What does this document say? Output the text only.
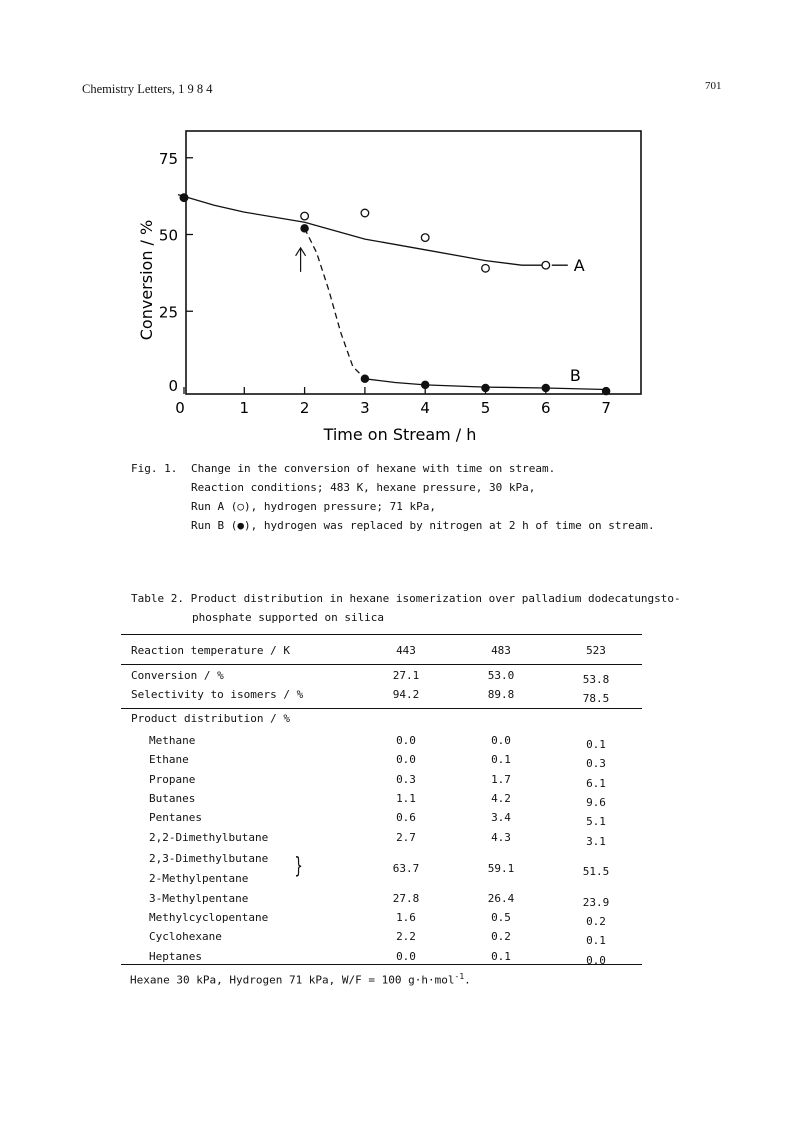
Chemistry Letters, 1 9 8 4	701
0	1	2	3	4	5	6	7
0
25
50
75
Time on Stream / h
Conversion / %	A
B
Fig. 1.	Change in the conversion of hexane with time on stream.
Reaction conditions; 483 K, hexane pressure, 30 kPa,
Run A (○), hydrogen pressure; 71 kPa,
Run B (●), hydrogen was replaced by nitrogen at 2 h of time on stream.
Table 2. Product distribution in hexane isomerization over palladium dodecatungsto-
phosphate supported on silica
Reaction temperature / K	443	483	523
Conversion / %	27.1	53.0	53.8
Selectivity to isomers / %	94.2	89.8	78.5
Product distribution / %
Methane	0.0	0.0	0.1
Ethane	0.0	0.1	0.3
Propane	0.3	1.7	6.1
Butanes	1.1	4.2	9.6
Pentanes	0.6	3.4	5.1
2,2-Dimethylbutane	2.7	4.3	3.1
2,3-Dimethylbutane
2-Methylpentane
63.7	59.1	51.5
}
3-Methylpentane	27.8	26.4	23.9
Methylcyclopentane	1.6	0.5	0.2
Cyclohexane	2.2	0.2	0.1
Heptanes	0.0	0.1	0.0
Hexane 30 kPa, Hydrogen 71 kPa, W/F = 100 g·h·mol$^{-1}$.
